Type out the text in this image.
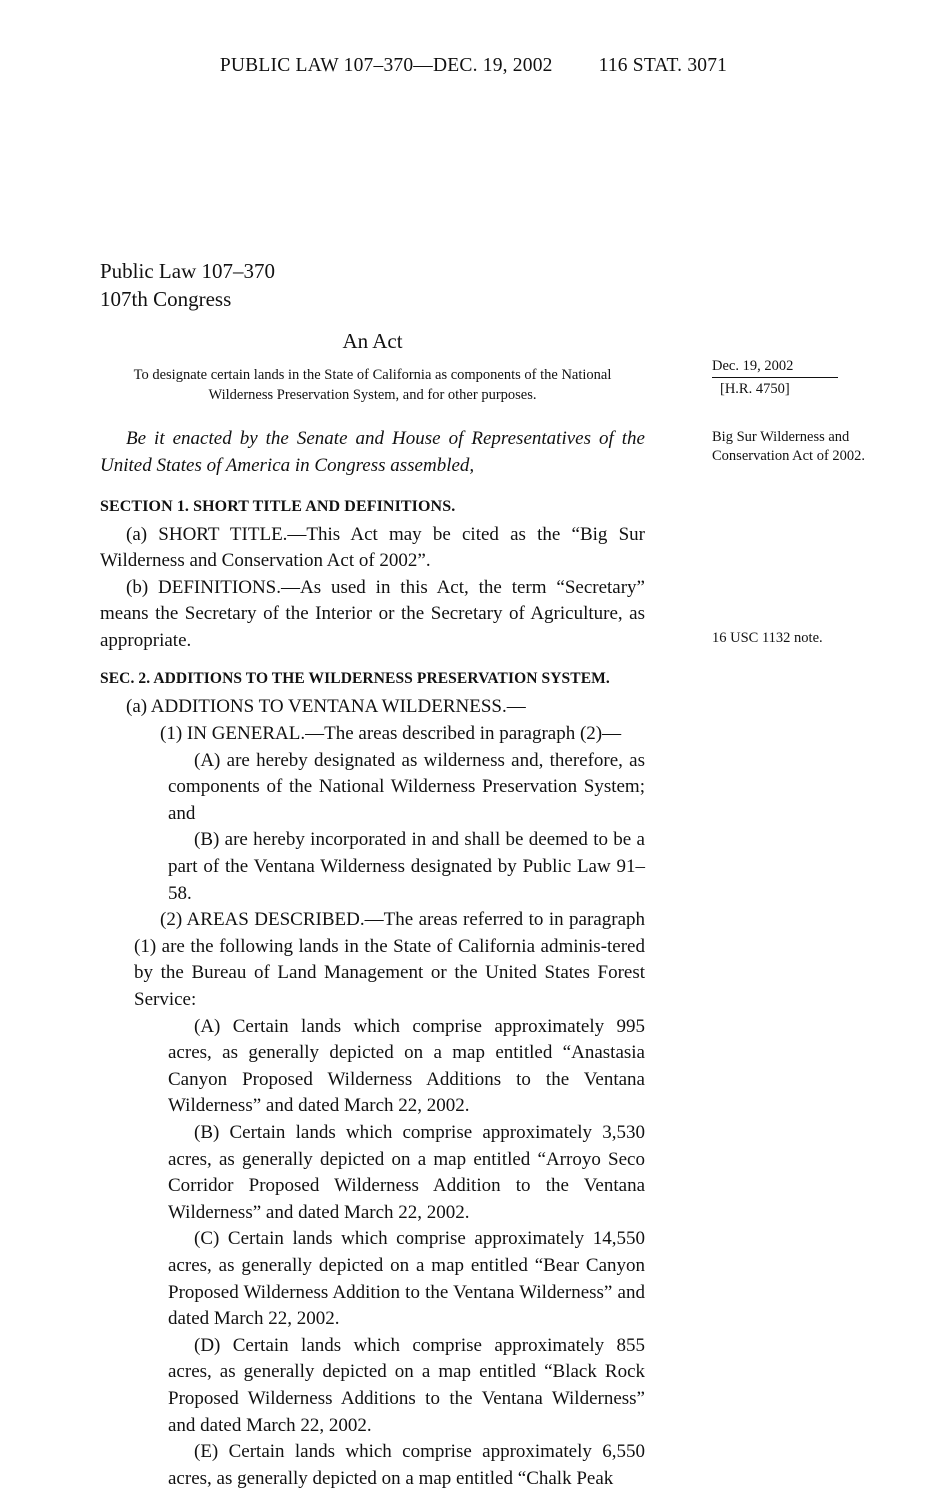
PUBLIC LAW 107–370—DEC. 19, 2002 116 STAT. 3071
Public Law 107–370
107th Congress
An Act
To designate certain lands in the State of California as components of the National Wilderness Preservation System, and for other purposes.
Be it enacted by the Senate and House of Representatives of the United States of America in Congress assembled,
SECTION 1. SHORT TITLE AND DEFINITIONS.

(a) SHORT TITLE.—This Act may be cited as the “Big Sur Wilderness and Conservation Act of 2002”.

(b) DEFINITIONS.—As used in this Act, the term “Secretary” means the Secretary of the Interior or the Secretary of Agriculture, as appropriate.

SEC. 2. ADDITIONS TO THE WILDERNESS PRESERVATION SYSTEM.

(a) ADDITIONS TO VENTANA WILDERNESS.—

(1) IN GENERAL.—The areas described in paragraph (2)—

(A) are hereby designated as wilderness and, therefore, as components of the National Wilderness Preservation System; and

(B) are hereby incorporated in and shall be deemed to be a part of the Ventana Wilderness designated by Public Law 91–58.

(2) AREAS DESCRIBED.—The areas referred to in paragraph (1) are the following lands in the State of California adminis-tered by the Bureau of Land Management or the United States Forest Service:

(A) Certain lands which comprise approximately 995 acres, as generally depicted on a map entitled “Anastasia Canyon Proposed Wilderness Additions to the Ventana Wilderness” and dated March 22, 2002.

(B) Certain lands which comprise approximately 3,530 acres, as generally depicted on a map entitled “Arroyo Seco Corridor Proposed Wilderness Addition to the Ventana Wilderness” and dated March 22, 2002.

(C) Certain lands which comprise approximately 14,550 acres, as generally depicted on a map entitled “Bear Canyon Proposed Wilderness Addition to the Ventana Wilderness” and dated March 22, 2002.

(D) Certain lands which comprise approximately 855 acres, as generally depicted on a map entitled “Black Rock Proposed Wilderness Additions to the Ventana Wilderness” and dated March 22, 2002.

(E) Certain lands which comprise approximately 6,550 acres, as generally depicted on a map entitled “Chalk Peak

Dec. 19, 2002
[H.R. 4750]
Big Sur Wilderness and Conservation Act of 2002.
16 USC 1132 note.
